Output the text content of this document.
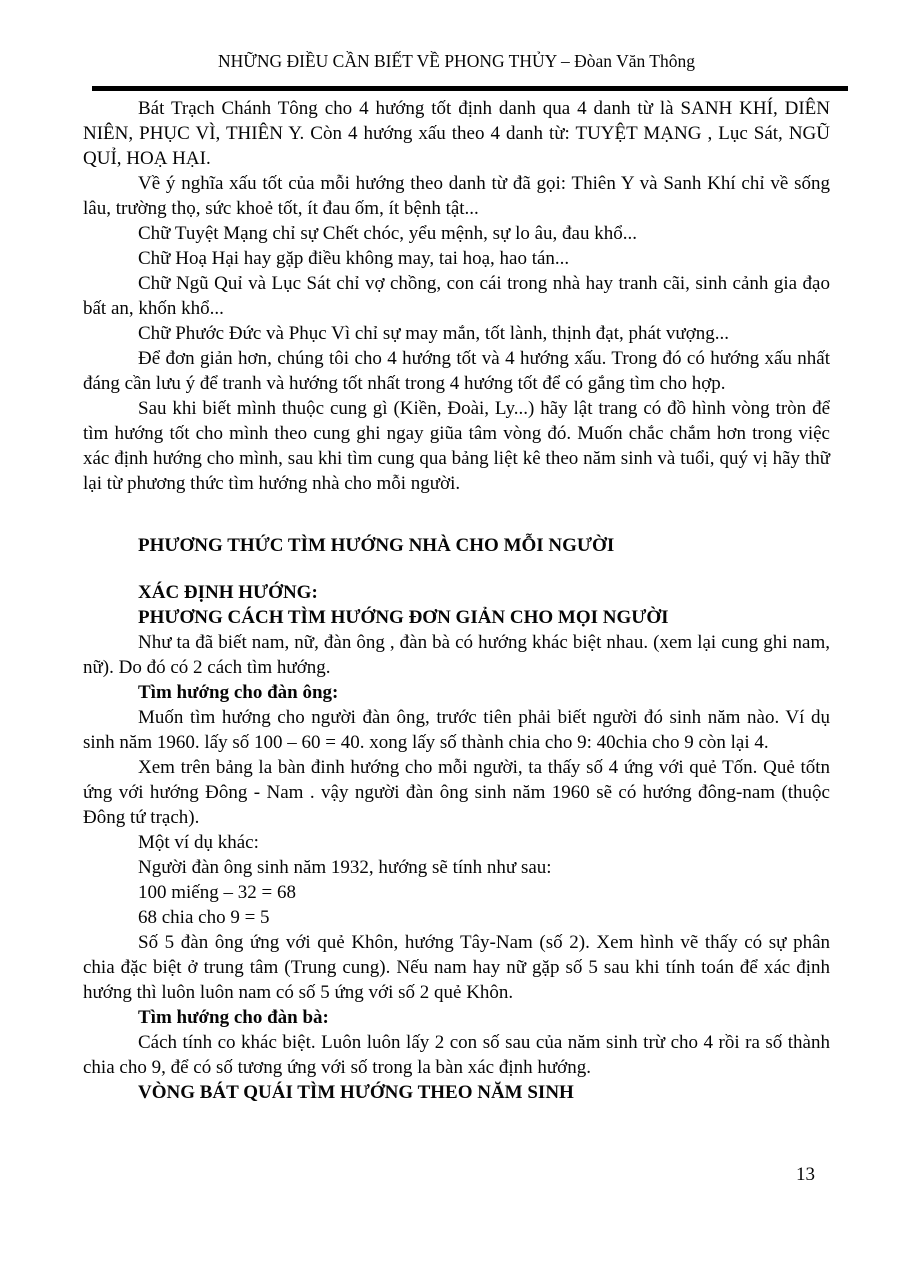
NHỮNG ĐIỀU CẦN BIẾT VỀ PHONG THỦY – Đòan Văn Thông

Bát Trạch Chánh Tông cho 4 hướng tốt định danh qua 4 danh từ là SANH KHÍ, DIÊN NIÊN, PHỤC VÌ, THIÊN Y. Còn 4 hướng xấu theo 4 danh từ: TUYỆT MẠNG , Lục Sát, NGŨ QUỈ, HOẠ HẠI.

Về ý nghĩa xấu tốt của mỗi hướng theo danh từ đã gọi: Thiên Y và Sanh Khí chỉ về sống lâu, trường thọ, sức khoẻ tốt, ít đau ốm, ít bệnh tật...

Chữ Tuyệt Mạng chỉ sự Chết chóc, yểu mệnh, sự lo âu, đau khổ...

Chữ Hoạ Hại hay gặp điều không may, tai hoạ, hao tán...

Chữ Ngũ Quỉ và Lục Sát chỉ vợ chồng, con cái trong nhà hay tranh cãi, sinh cảnh gia đạo bất an, khốn khổ...

Chữ Phước Đức và Phục Vì chỉ sự may mắn, tốt lành, thịnh đạt, phát vượng...

Để đơn giản hơn, chúng tôi cho 4 hướng tốt và 4 hướng xấu. Trong đó có hướng xấu nhất đáng cần lưu ý để tranh và hướng tốt nhất trong 4 hướng tốt để có gắng tìm cho hợp.

Sau khi biết mình thuộc cung gì (Kiền, Đoài, Ly...) hãy lật trang có đồ hình vòng tròn để tìm hướng tốt cho mình theo cung ghi ngay giũa tâm vòng đó. Muốn chắc chắm hơn trong việc xác định hướng cho mình, sau khi tìm cung qua bảng liệt kê theo năm sinh và tuổi, quý vị hãy thữ lại từ phương thức tìm hướng nhà cho mỗi người.

PHƯƠNG THỨC TÌM HƯỚNG NHÀ CHO MỖI NGƯỜI
XÁC ĐỊNH HƯỚNG:
PHƯƠNG CÁCH TÌM HƯỚNG ĐƠN GIẢN CHO MỌI NGƯỜI

Như ta đã biết nam, nữ, đàn ông , đàn bà có hướng khác biệt nhau. (xem lại cung ghi nam, nữ). Do đó có 2 cách tìm hướng.

Tìm hướng cho đàn ông:

Muốn tìm hướng cho người đàn ông, trước tiên phải biết người đó sinh năm nào. Ví dụ sinh năm 1960. lấy số 100 – 60 = 40. xong lấy số thành chia cho 9: 40chia cho 9 còn lại 4.

Xem trên bảng la bàn đinh hướng cho mỗi người, ta thấy số 4 ứng với quẻ Tốn. Quẻ tốtn ứng với hướng Đông - Nam . vậy người đàn ông sinh năm 1960 sẽ có hướng đông-nam (thuộc Đông tứ trạch).

Một ví dụ khác:

Người đàn ông sinh năm 1932, hướng sẽ tính như sau:

100 miếng – 32 = 68

68 chia cho 9 = 5

Số 5 đàn ông ứng với quẻ Khôn, hướng Tây-Nam (số 2). Xem hình vẽ thấy có sự phân chia đặc biệt ở trung tâm (Trung cung). Nếu nam hay nữ gặp số 5 sau khi tính toán để xác định hướng thì luôn luôn nam có số 5 ứng với số 2 quẻ Khôn.

Tìm hướng cho đàn bà:

Cách tính co khác biệt. Luôn luôn lấy 2 con số sau của năm sinh trừ cho 4 rồi ra số thành chia cho 9, để có số tương ứng với số trong la bàn xác định hướng.

VÒNG BÁT QUÁI TÌM HƯỚNG THEO NĂM SINH
13
